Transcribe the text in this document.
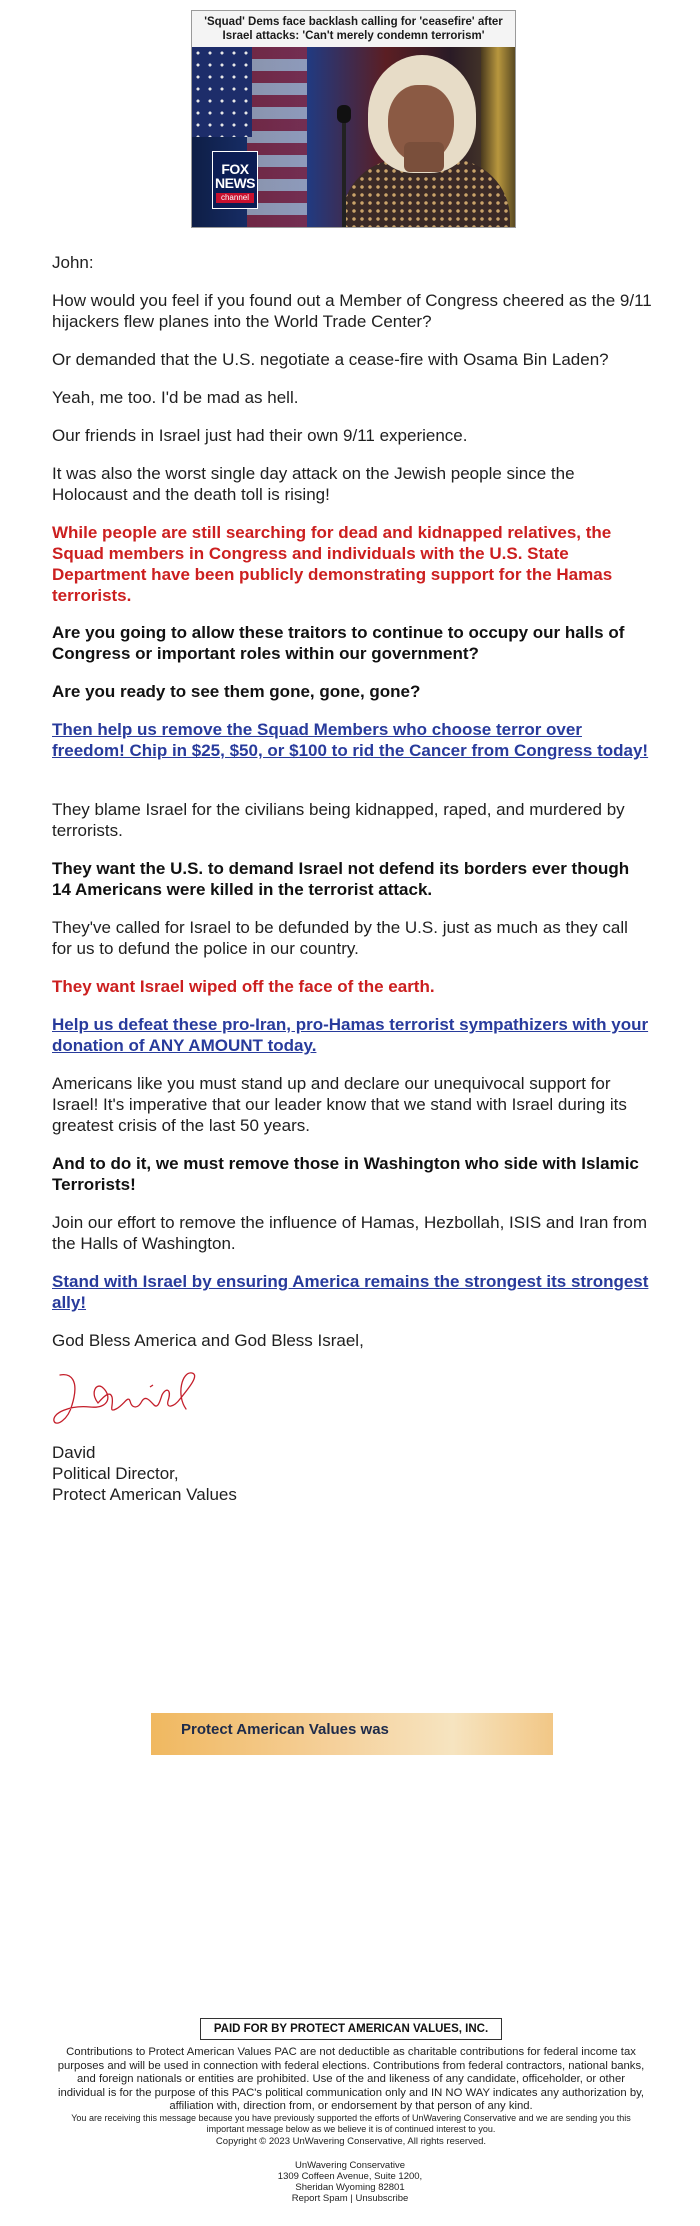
'Squad' Dems face backlash calling for 'ceasefire' after Israel attacks: 'Can't merely condemn terrorism'
FOX
NEWS
channel
John:
How would you feel if you found out a Member of Congress cheered as the 9/11 hijackers flew planes into the World Trade Center?
Or demanded that the U.S. negotiate a cease-fire with Osama Bin Laden?
Yeah, me too. I'd be mad as hell.
Our friends in Israel just had their own 9/11 experience.
It was also the worst single day attack on the Jewish people since the Holocaust and the death toll is rising!
While people are still searching for dead and kidnapped relatives, the Squad members in Congress and individuals with the U.S. State Department have been publicly demonstrating support for the Hamas terrorists.
Are you going to allow these traitors to continue to occupy our halls of Congress or important roles within our government?
Are you ready to see them gone, gone, gone?
Then help us remove the Squad Members who choose terror over freedom! Chip in $25, $50, or $100 to rid the Cancer from Congress today!
They blame Israel for the civilians being kidnapped, raped, and murdered by terrorists.
They want the U.S. to demand Israel not defend its borders ever though 14 Americans were killed in the terrorist attack.
They've called for Israel to be defunded by the U.S. just as much as they call for us to defund the police in our country.
They want Israel wiped off the face of the earth.
Help us defeat these pro-Iran, pro-Hamas terrorist sympathizers with your donation of ANY AMOUNT today.
Americans like you must stand up and declare our unequivocal support for Israel! It's imperative that our leader know that we stand with Israel during its greatest crisis of the last 50 years.
And to do it, we must remove those in Washington who side with Islamic Terrorists!
Join our effort to remove the influence of Hamas, Hezbollah, ISIS and Iran from the Halls of Washington.
Stand with Israel by ensuring America remains the strongest its strongest ally!
God Bless America and God Bless Israel,
David
Political Director,
Protect American Values
Protect American Values was
PAID FOR BY PROTECT AMERICAN VALUES, INC.
Contributions to Protect American Values PAC are not deductible as charitable contributions for federal income tax purposes and will be used in connection with federal elections. Contributions from federal contractors, national banks, and foreign nationals or entities are prohibited. Use of the and likeness of any candidate, officeholder, or other individual is for the purpose of this PAC's political communication only and IN NO WAY indicates any authorization by, affiliation with, direction from, or endorsement by that person of any kind.
You are receiving this message because you have previously supported the efforts of UnWavering Conservative and we are sending you this important message below as we believe it is of continued interest to you.
Copyright © 2023 UnWavering Conservative, All rights reserved.
UnWavering Conservative
1309 Coffeen Avenue, Suite 1200,
Sheridan Wyoming 82801
Report Spam | Unsubscribe
